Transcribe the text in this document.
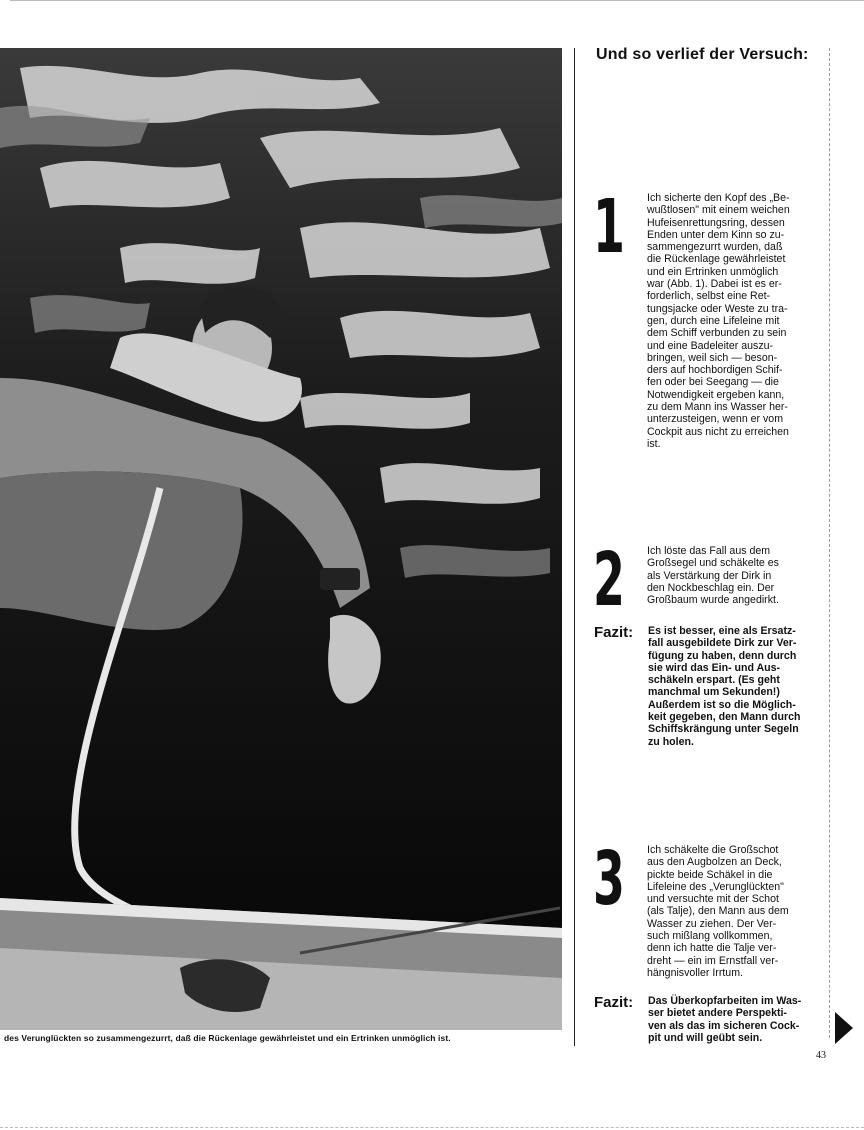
des Verunglückten so zusammengezurrt, daß die Rückenlage gewährleistet und ein Ertrinken unmöglich ist.
Und so verlief der Versuch:
1 Ich sicherte den Kopf des „Be-
wußtlosen" mit einem weichen
Hufeisenrettungsring, dessen
Enden unter dem Kinn so zu-
sammengezurrt wurden, daß
die Rückenlage gewährleistet
und ein Ertrinken unmöglich
war (Abb. 1). Dabei ist es er-
forderlich, selbst eine Ret-
tungsjacke oder Weste zu tra-
gen, durch eine Lifeleine mit
dem Schiff verbunden zu sein
und eine Badeleiter auszu-
bringen, weil sich — beson-
ders auf hochbordigen Schif-
fen oder bei Seegang — die
Notwendigkeit ergeben kann,
zu dem Mann ins Wasser her-
unterzusteigen, wenn er vom
Cockpit aus nicht zu erreichen
ist.
2 Ich löste das Fall aus dem
Großsegel und schäkelte es
als Verstärkung der Dirk in
den Nockbeschlag ein. Der
Großbaum wurde angedirkt.
Fazit: Es ist besser, eine als Ersatz-
fall ausgebildete Dirk zur Ver-
fügung zu haben, denn durch
sie wird das Ein- und Aus-
schäkeln erspart. (Es geht
manchmal um Sekunden!)
Außerdem ist so die Möglich-
keit gegeben, den Mann durch
Schiffskrängung unter Segeln
zu holen.
3 Ich schäkelte die Großschot
aus den Augbolzen an Deck,
pickte beide Schäkel in die
Lifeleine des „Verunglückten"
und versuchte mit der Schot
(als Talje), den Mann aus dem
Wasser zu ziehen. Der Ver-
such mißlang vollkommen,
denn ich hatte die Talje ver-
dreht — ein im Ernstfall ver-
hängnisvoller Irrtum.
Fazit: Das Überkopfarbeiten im Was-
ser bietet andere Perspekti-
ven als das im sicheren Cock-
pit und will geübt sein.
43
